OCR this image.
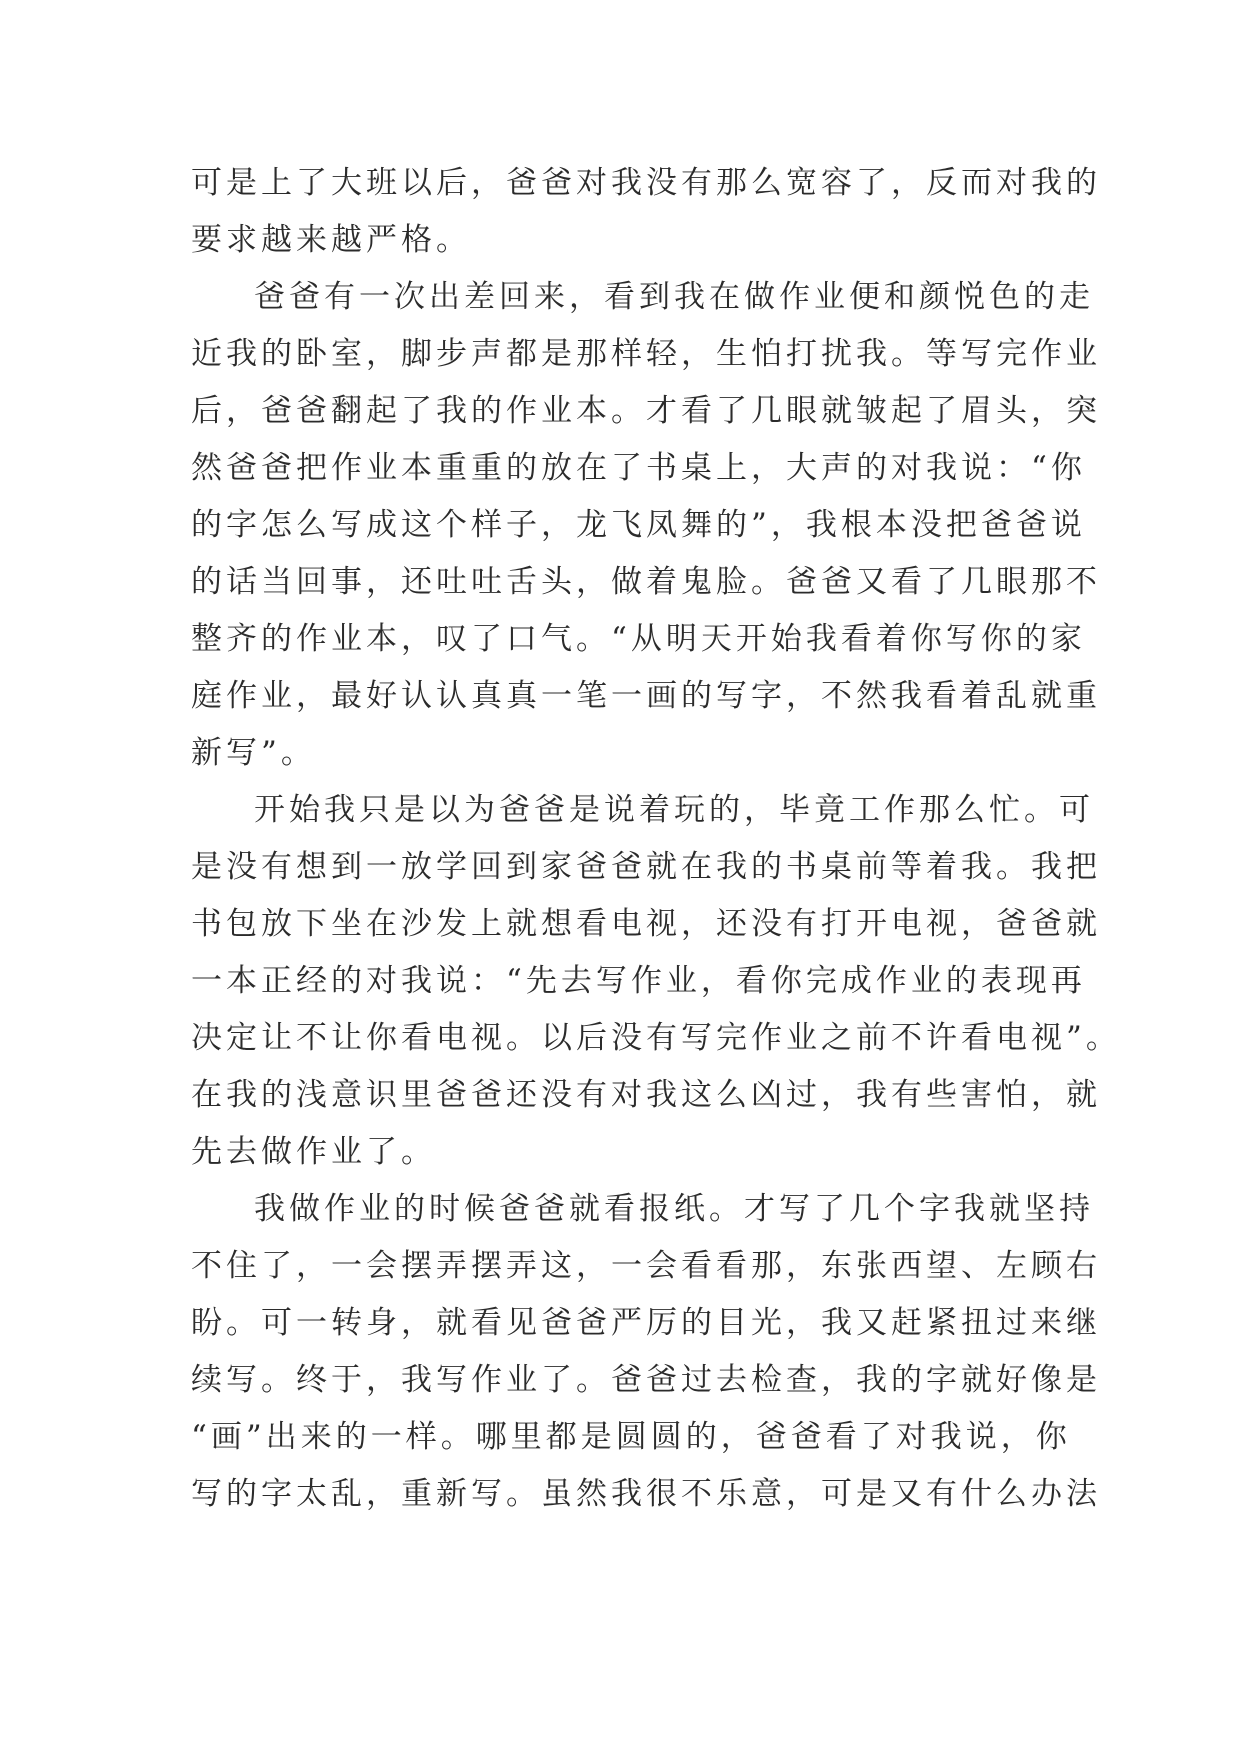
可是上了大班以后，爸爸对我没有那么宽容了，反而对我的
要求越来越严格。
爸爸有一次出差回来，看到我在做作业便和颜悦色的走
近我的卧室，脚步声都是那样轻，生怕打扰我。等写完作业
后，爸爸翻起了我的作业本。才看了几眼就皱起了眉头，突
然爸爸把作业本重重的放在了书桌上，大声的对我说：“你
的字怎么写成这个样子，龙飞凤舞的”，我根本没把爸爸说
的话当回事，还吐吐舌头，做着鬼脸。爸爸又看了几眼那不
整齐的作业本，叹了口气。“从明天开始我看着你写你的家
庭作业，最好认认真真一笔一画的写字，不然我看着乱就重
新写”。
开始我只是以为爸爸是说着玩的，毕竟工作那么忙。可
是没有想到一放学回到家爸爸就在我的书桌前等着我。我把
书包放下坐在沙发上就想看电视，还没有打开电视，爸爸就
一本正经的对我说：“先去写作业，看你完成作业的表现再
决定让不让你看电视。以后没有写完作业之前不许看电视”。
在我的浅意识里爸爸还没有对我这么凶过，我有些害怕，就
先去做作业了。
我做作业的时候爸爸就看报纸。才写了几个字我就坚持
不住了，一会摆弄摆弄这，一会看看那，东张西望、左顾右
盼。可一转身，就看见爸爸严厉的目光，我又赶紧扭过来继
续写。终于，我写作业了。爸爸过去检查，我的字就好像是
“画”出来的一样。哪里都是圆圆的，爸爸看了对我说，你
写的字太乱，重新写。虽然我很不乐意，可是又有什么办法
